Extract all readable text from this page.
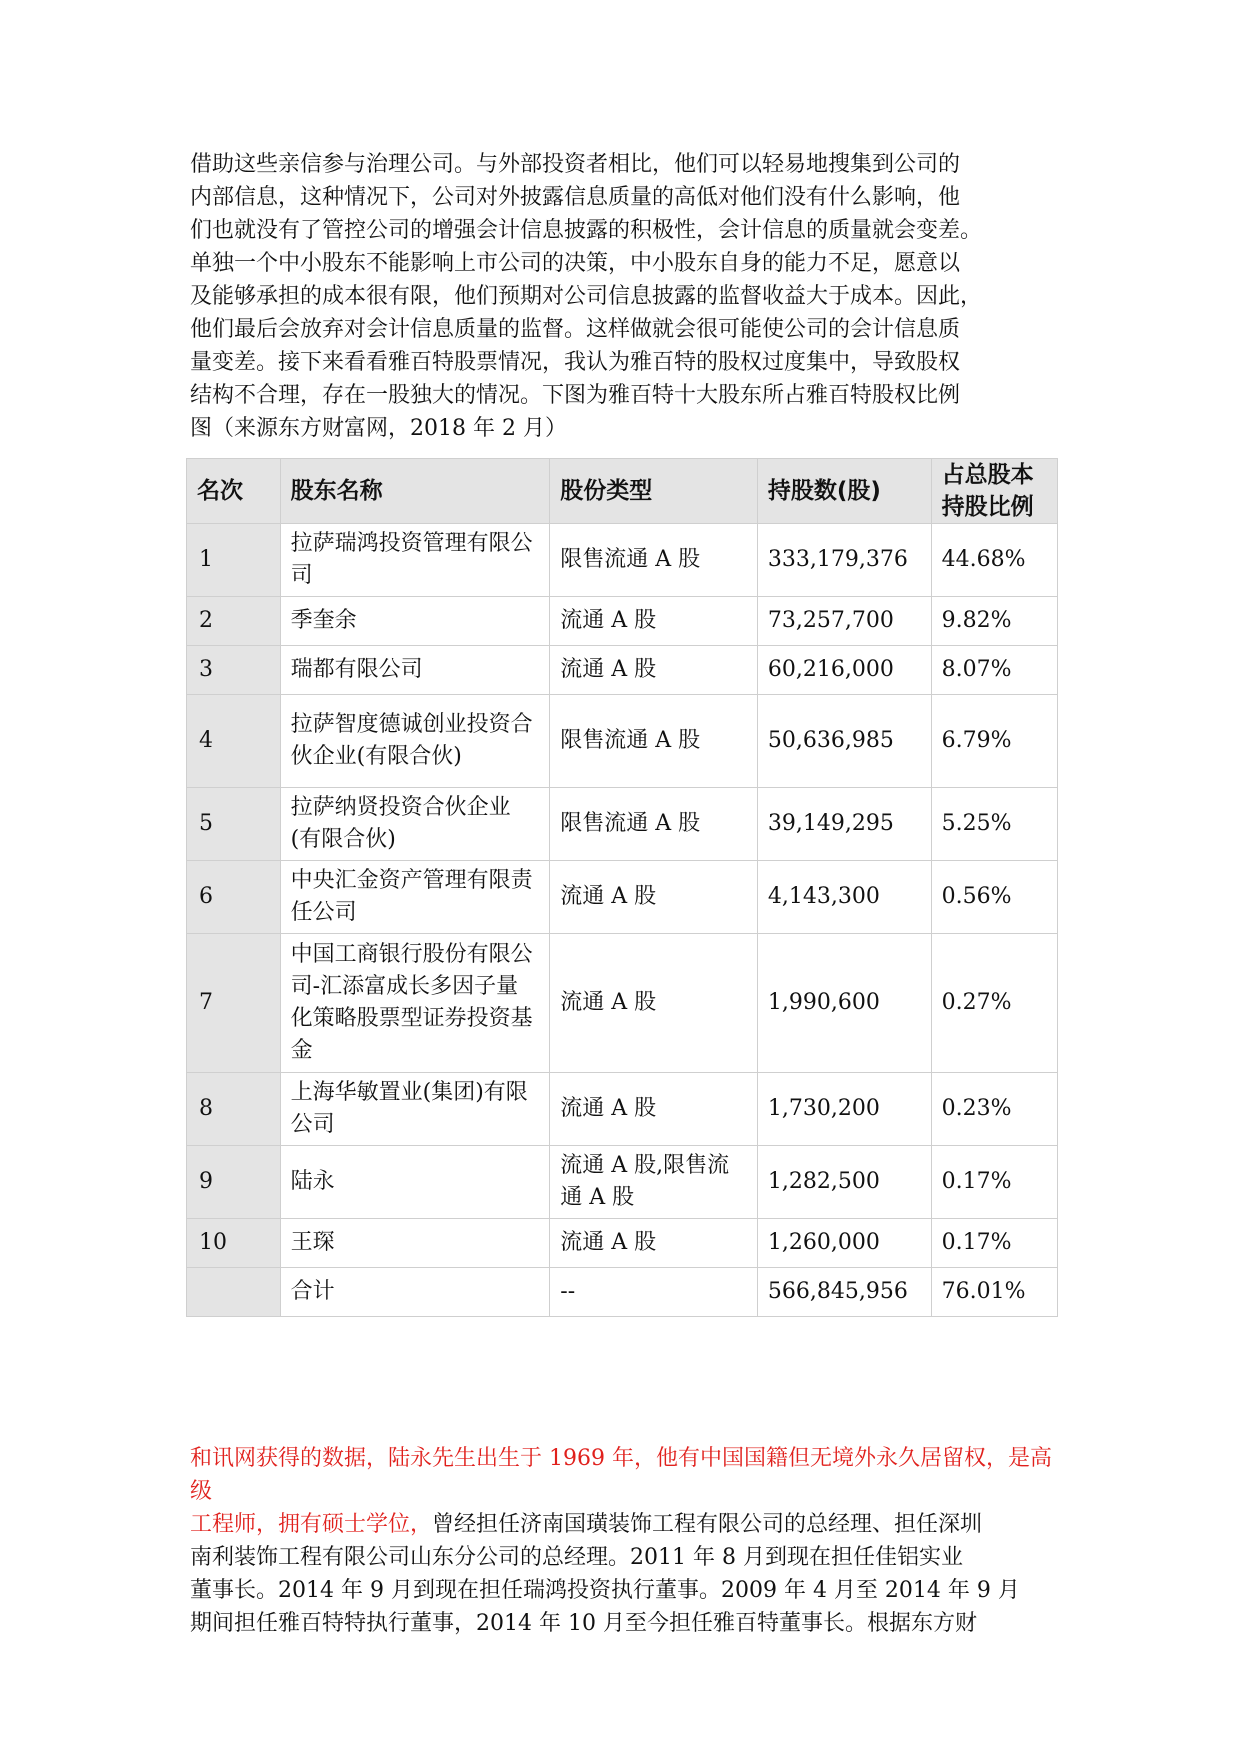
借助这些亲信参与治理公司。与外部投资者相比，他们可以轻易地搜集到公司的
内部信息，这种情况下，公司对外披露信息质量的高低对他们没有什么影响，他
们也就没有了管控公司的增强会计信息披露的积极性，会计信息的质量就会变差。
单独一个中小股东不能影响上市公司的决策，中小股东自身的能力不足，愿意以
及能够承担的成本很有限，他们预期对公司信息披露的监督收益大于成本。因此，
他们最后会放弃对会计信息质量的监督。这样做就会很可能使公司的会计信息质
量变差。接下来看看雅百特股票情况，我认为雅百特的股权过度集中，导致股权
结构不合理，存在一股独大的情况。下图为雅百特十大股东所占雅百特股权比例
图（来源东方财富网，2018 年 2 月）
名次	股东名称	股份类型	持股数(股)	占总股本持股比例
1	拉萨瑞鸿投资管理有限公司	限售流通 A 股	333,179,376	44.68%
2	季奎余	流通 A 股	73,257,700	9.82%
3	瑞都有限公司	流通 A 股	60,216,000	8.07%
4	拉萨智度德诚创业投资合伙企业(有限合伙)	限售流通 A 股	50,636,985	6.79%
5	拉萨纳贤投资合伙企业(有限合伙)	限售流通 A 股	39,149,295	5.25%
6	中央汇金资产管理有限责任公司	流通 A 股	4,143,300	0.56%
7	中国工商银行股份有限公司-汇添富成长多因子量化策略股票型证券投资基金	流通 A 股	1,990,600	0.27%
8	上海华敏置业(集团)有限公司	流通 A 股	1,730,200	0.23%
9	陆永	流通 A 股,限售流通 A 股	1,282,500	0.17%
10	王琛	流通 A 股	1,260,000	0.17%
	合计	--	566,845,956	76.01%
和讯网获得的数据，陆永先生出生于 1969 年，他有中国国籍但无境外永久居留权，是高级
工程师，拥有硕士学位，曾经担任济南国璜装饰工程有限公司的总经理、担任深圳
南利装饰工程有限公司山东分公司的总经理。2011 年 8 月到现在担任佳铝实业
董事长。2014 年 9 月到现在担任瑞鸿投资执行董事。2009 年 4 月至 2014 年 9 月
期间担任雅百特特执行董事，2014 年 10 月至今担任雅百特董事长。根据东方财
